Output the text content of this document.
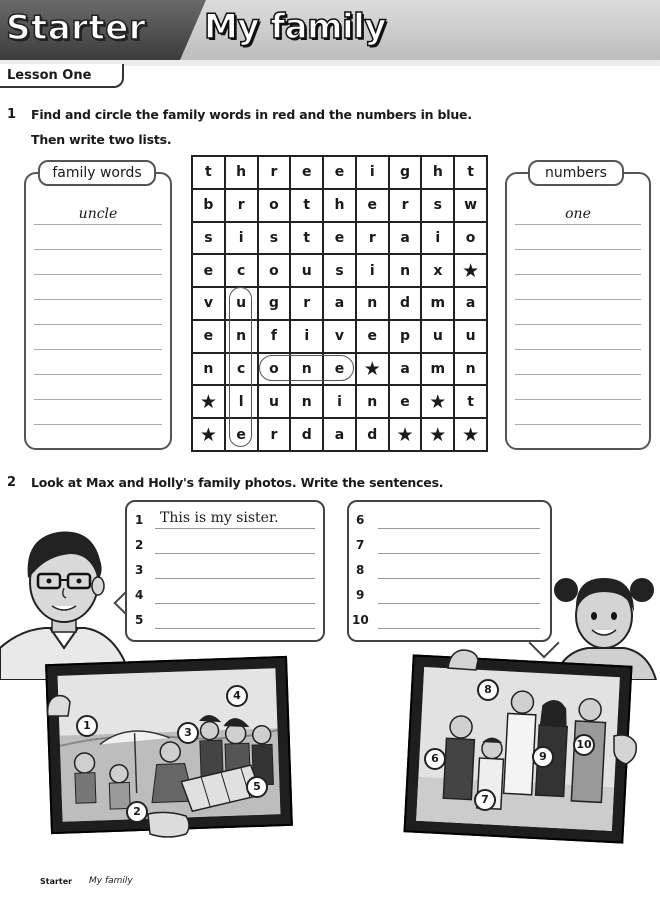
Starter My family
Lesson One
1 Find and circle the family words in red and the numbers in blue.
Then write two lists.
family words
uncle
t	h	r	e	e	i	g	h	t
b	r	o	t	h	e	r	s	w
s	i	s	t	e	r	a	i	o
e	c	o	u	s	i	n	x	★
v	u	g	r	a	n	d	m	a
e	n	f	i	v	e	p	u	u
n	c	o	n	e	★	a	m	n
★	l	u	n	i	n	e	★	t
★	e	r	d	a	d	★ ★ ★
numbers
one
2 Look at Max and Holly's family photos. Write the sentences.
1 This is my sister.
2
3
4
5
6
7
8
9
10
1
2
3
4
5
8
6
7
9
10
Starter My family
